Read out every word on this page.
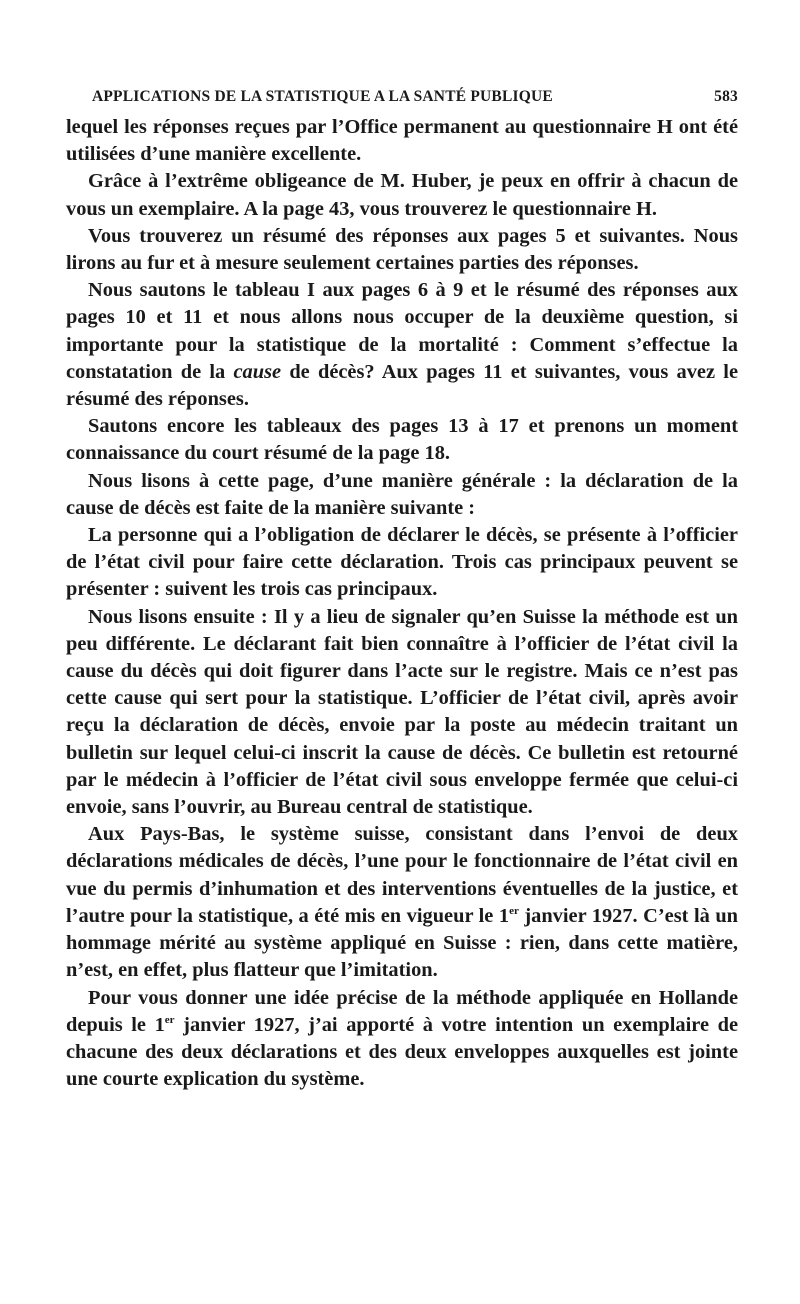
APPLICATIONS DE LA STATISTIQUE A LA SANTÉ PUBLIQUE	583

lequel les réponses reçues par l’Office permanent au questionnaire H ont été utilisées d’une manière excellente.

Grâce à l’extrême obligeance de M. Huber, je peux en offrir à chacun de vous un exemplaire. A la page 43, vous trouverez le questionnaire H.

Vous trouverez un résumé des réponses aux pages 5 et suivantes. Nous lirons au fur et à mesure seulement certaines parties des réponses.

Nous sautons le tableau I aux pages 6 à 9 et le résumé des réponses aux pages 10 et 11 et nous allons nous occuper de la deuxième question, si importante pour la statistique de la mortalité : Comment s’effectue la constatation de la cause de décès? Aux pages 11 et suivantes, vous avez le résumé des réponses.

Sautons encore les tableaux des pages 13 à 17 et prenons un moment connaissance du court résumé de la page 18.

Nous lisons à cette page, d’une manière générale : la déclaration de la cause de décès est faite de la manière suivante :

La personne qui a l’obligation de déclarer le décès, se présente à l’officier de l’état civil pour faire cette déclaration. Trois cas principaux peuvent se présenter : suivent les trois cas principaux.

Nous lisons ensuite : Il y a lieu de signaler qu’en Suisse la méthode est un peu différente. Le déclarant fait bien connaître à l’officier de l’état civil la cause du décès qui doit figurer dans l’acte sur le registre. Mais ce n’est pas cette cause qui sert pour la statistique. L’officier de l’état civil, après avoir reçu la déclaration de décès, envoie par la poste au médecin traitant un bulletin sur lequel celui-ci inscrit la cause de décès. Ce bulletin est retourné par le médecin à l’officier de l’état civil sous enveloppe fermée que celui-ci envoie, sans l’ouvrir, au Bureau central de statistique.

Aux Pays-Bas, le système suisse, consistant dans l’envoi de deux déclarations médicales de décès, l’une pour le fonctionnaire de l’état civil en vue du permis d’inhumation et des interventions éventuelles de la justice, et l’autre pour la statistique, a été mis en vigueur le 1er janvier 1927. C’est là un hommage mérité au système appliqué en Suisse : rien, dans cette matière, n’est, en effet, plus flatteur que l’imitation.

Pour vous donner une idée précise de la méthode appliquée en Hollande depuis le 1er janvier 1927, j’ai apporté à votre intention un exemplaire de chacune des deux déclarations et des deux enveloppes auxquelles est jointe une courte explication du système.
